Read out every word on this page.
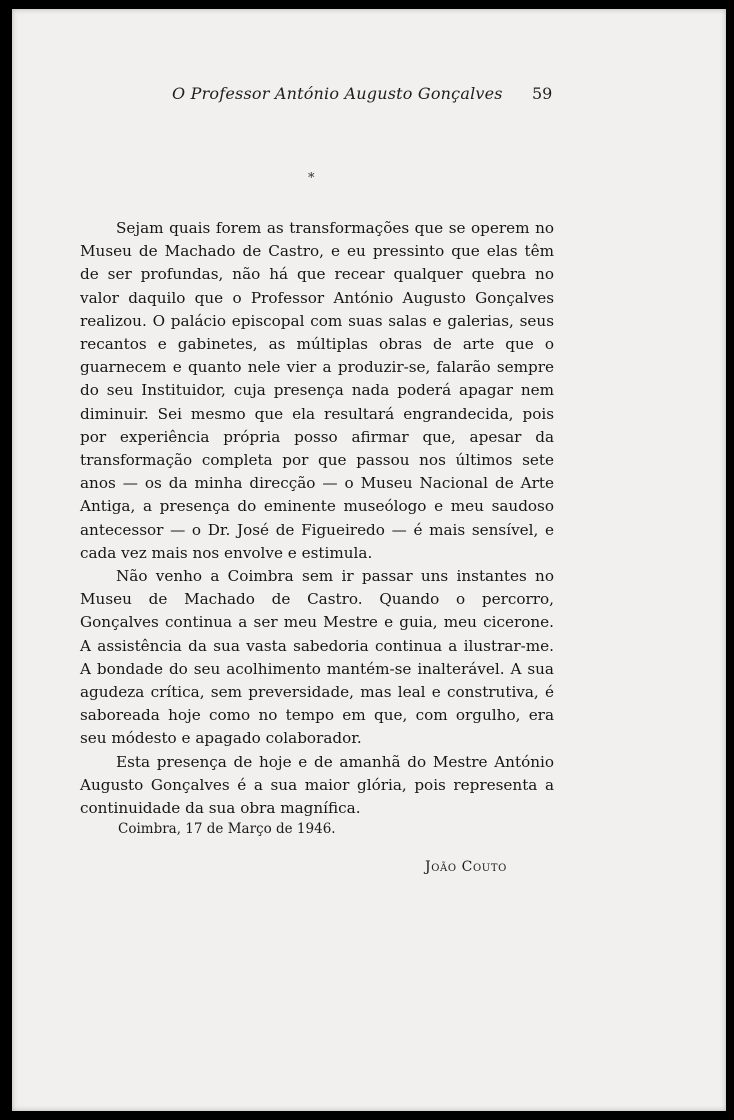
O Professor António Augusto Gonçalves 59
*

Sejam quais forem as transformações que se operem no Museu de Machado de Castro, e eu pressinto que elas têm de ser profundas, não há que recear qualquer quebra no valor daquilo que o Professor António Augusto Gonçalves realizou. O palácio episcopal com suas salas e galerias, seus recantos e gabinetes, as múltiplas obras de arte que o guarnecem e quanto nele vier a produzir-se, falarão sempre do seu Instituidor, cuja presença nada poderá apagar nem diminuir. Sei mesmo que ela resultará engrandecida, pois por experiência própria posso afirmar que, apesar da transformação completa por que passou nos últimos sete anos — os da minha direcção — o Museu Nacional de Arte Antiga, a presença do eminente museólogo e meu saudoso antecessor — o Dr. José de Figueiredo — é mais sensível, e cada vez mais nos envolve e estimula.

Não venho a Coimbra sem ir passar uns instantes no Museu de Machado de Castro. Quando o percorro, Gonçalves continua a ser meu Mestre e guia, meu cicerone. A assistência da sua vasta sabedoria continua a ilustrar-me. A bondade do seu acolhimento mantém-se inalterável. A sua agudeza crítica, sem preversidade, mas leal e construtiva, é saboreada hoje como no tempo em que, com orgulho, era seu módesto e apagado colaborador.

Esta presença de hoje e de amanhã do Mestre António Augusto Gonçalves é a sua maior glória, pois representa a continuidade da sua obra magnífica.

Coimbra, 17 de Março de 1946.
João Couto
